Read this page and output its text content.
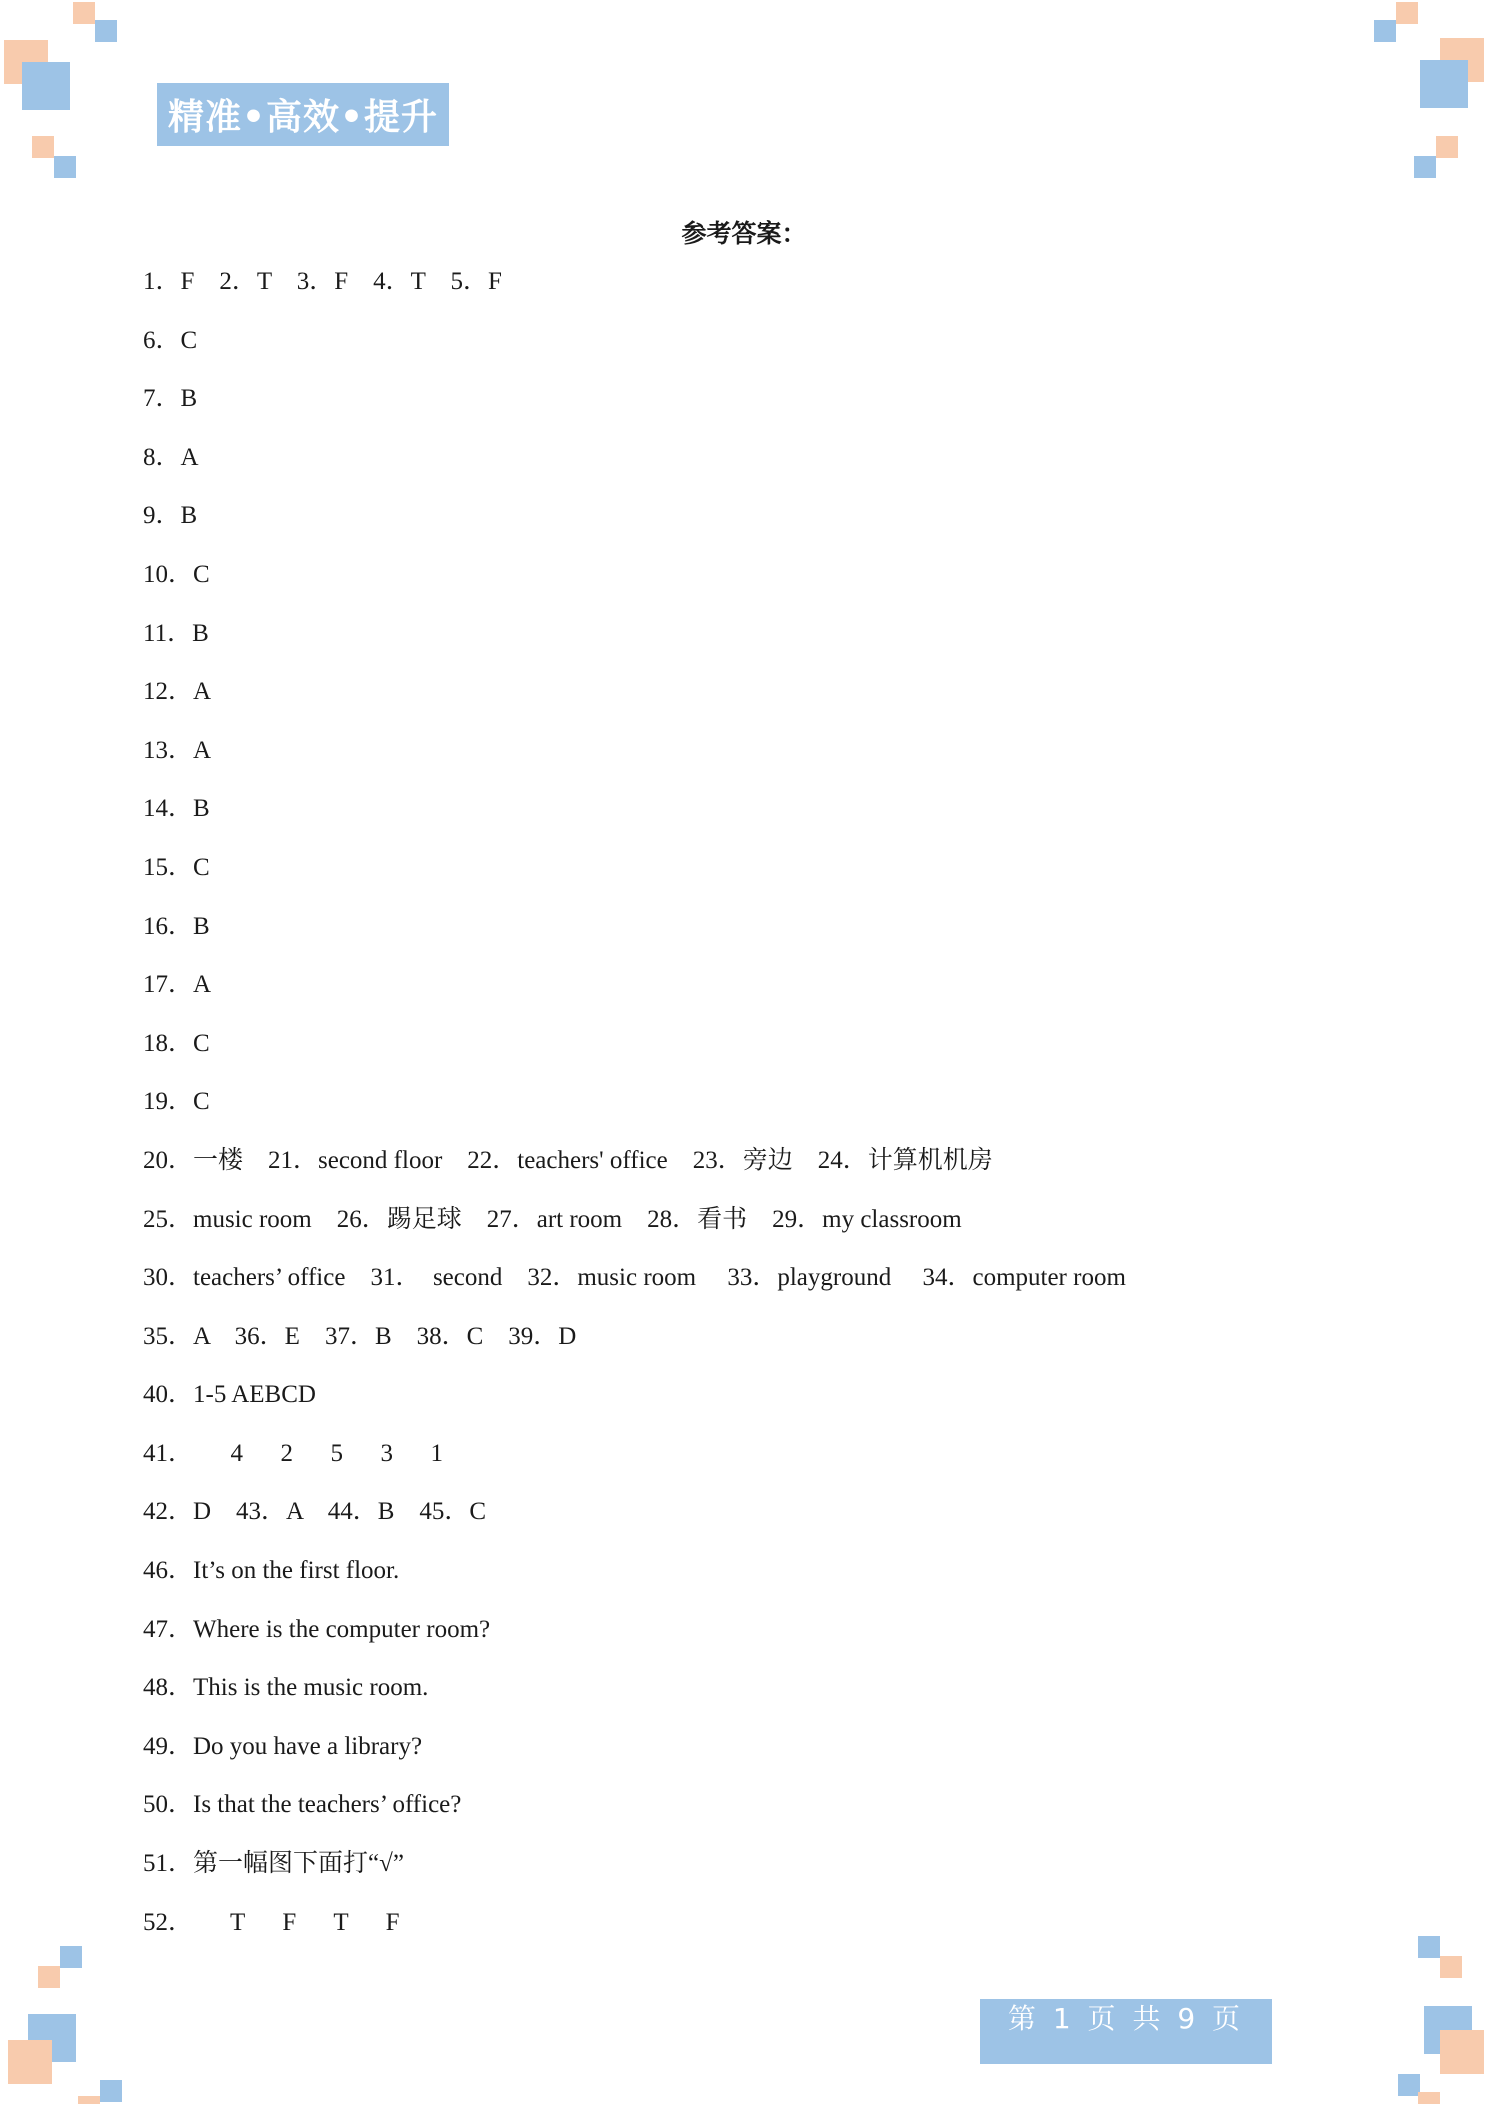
精准•高效•提升
参考答案：
1．F    2．T    3．F    4．T    5．F
6．C
7．B
8．A
9．B
10．C
11．B
12．A
13．A
14．B
15．C
16．B
17．A
18．C
19．C
20．一楼    21．second floor    22．teachers' office    23．旁边    24．计算机机房
25．music room    26．踢足球    27．art room    28．看书    29．my classroom
30．teachers’ office    31．  second    32．music room     33．playground     34．computer room
35．A    36．E    37．B    38．C    39．D
40．1-5 AEBCD
41．      4      2      5      3      1
42．D    43．A    44．B    45．C
46．It’s on the first floor.
47．Where is the computer room?
48．This is the music room.
49．Do you have a library?
50．Is that the teachers’ office?
51．第一幅图下面打“√”
52．      T      F      T      F
第 1 页 共 9 页
